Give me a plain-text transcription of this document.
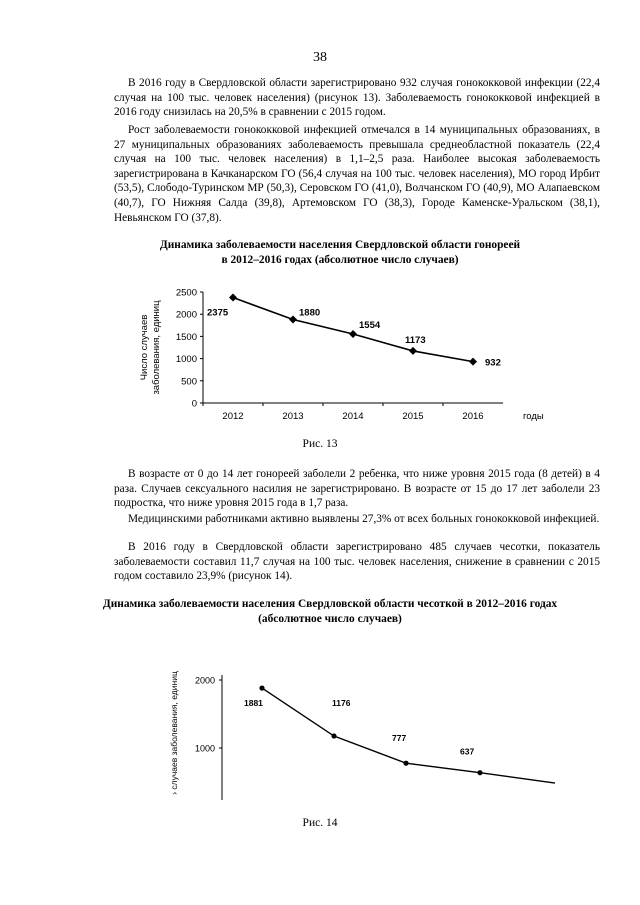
38

В 2016 году в Свердловской области зарегистрировано 932 случая гонококковой инфекции (22,4 случая на 100 тыс. человек населения) (рисунок 13). Заболеваемость гонококковой инфекцией в 2016 году снизилась на 20,5% в сравнении с 2015 годом.

Рост заболеваемости гонококковой инфекцией отмечался в 14 муниципальных образованиях, в 27 муниципальных образованиях заболеваемость превышала среднеобластной показатель (22,4 случая на 100 тыс. человек населения) в 1,1–2,5 раза. Наиболее высокая заболеваемость зарегистрирована в Качканарском ГО (56,4 случая на 100 тыс. человек населения), МО город Ирбит (53,5), Слободо-Туринском МР (50,3), Серовском ГО (41,0), Волчанском ГО (40,9), МО Алапаевском (40,7), ГО Нижняя Салда (39,8), Артемовском ГО (38,3), Городе Каменске-Уральском (38,1), Невьянском ГО (37,8).

Динамика заболеваемости населения Свердловской области гонореей
в 2012–2016 годах (абсолютное число случаев)
0
500
1000
1500
2000
2500
2012	2013	2014	2015	2016	годы
Число случаев заболевания, единиц	2375	1880
1554
1173
932
Рис. 13

В возрасте от 0 до 14 лет гонореей заболели 2 ребенка, что ниже уровня 2015 года (8 детей) в 4 раза. Случаев сексуального насилия не зарегистрировано. В возрасте от 15 до 17 лет заболели 23 подростка, что ниже уровня 2015 года в 1,7 раза.

Медицинскими работниками активно выявлены 27,3% от всех больных гонококковой инфекцией.

В 2016 году в Свердловской области зарегистрировано 485 случаев чесотки, показатель заболеваемости составил 11,7 случая на 100 тыс. человек населения, снижение в сравнении с 2015 годом составило 23,9% (рисунок 14).

Динамика заболеваемости населения Свердловской области чесоткой в 2012–2016 годах
(абсолютное число случаев)
1000
2000
› случаев заболевания, единиц	1881	1176
777
637
Рис. 14
